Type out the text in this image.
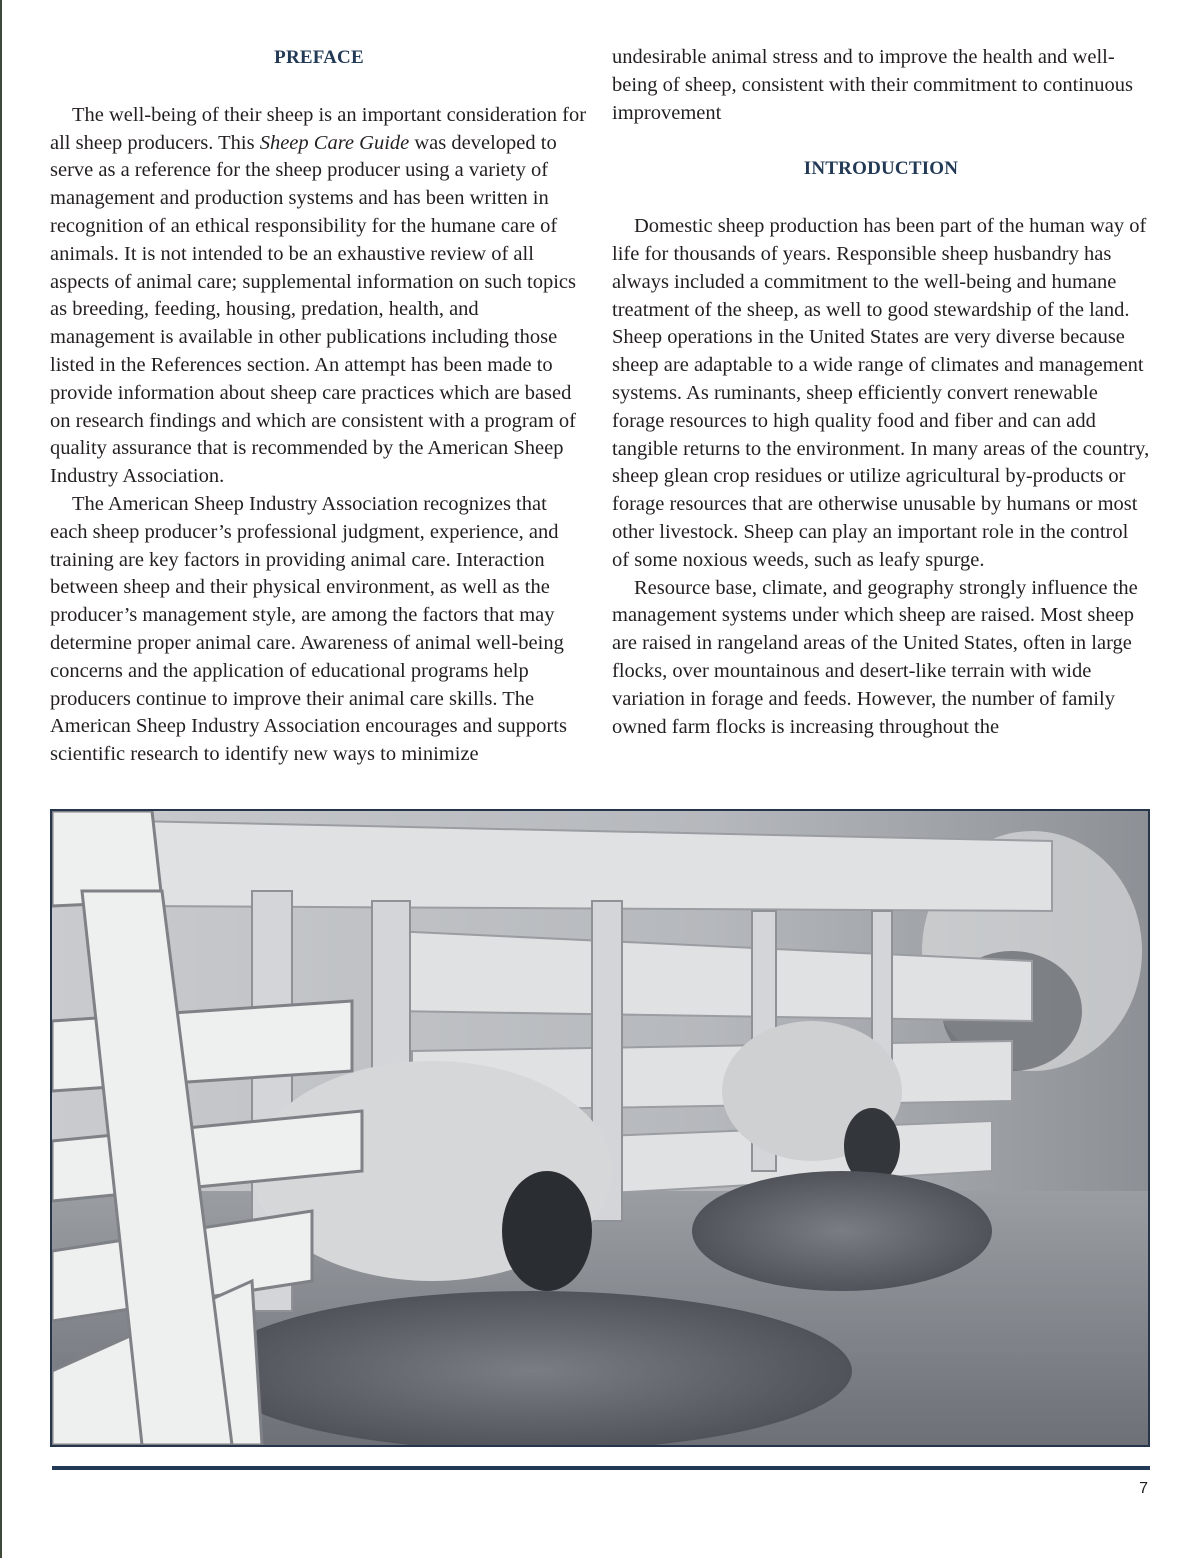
PREFACE

The well-being of their sheep is an important consideration for all sheep producers. This Sheep Care Guide was developed to serve as a reference for the sheep producer using a variety of management and production systems and has been written in recognition of an ethical responsibility for the humane care of animals. It is not intended to be an exhaustive review of all aspects of animal care; supplemental information on such topics as breeding, feeding, housing, predation, health, and management is available in other publications including those listed in the References section. An attempt has been made to provide information about sheep care practices which are based on research findings and which are consistent with a program of quality assurance that is recommended by the American Sheep Industry Association.

The American Sheep Industry Association recognizes that each sheep producer’s professional judgment, experience, and training are key factors in providing animal care. Interaction between sheep and their physical environment, as well as the producer’s management style, are among the factors that may determine proper animal care. Awareness of animal well-being concerns and the application of educational programs help producers continue to improve their animal care skills. The American Sheep Industry Association encourages and supports scientific research to identify new ways to minimize

undesirable animal stress and to improve the health and well-being of sheep, consistent with their commitment to continuous improvement

INTRODUCTION

Domestic sheep production has been part of the human way of life for thousands of years. Responsible sheep husbandry has always included a commitment to the well-being and humane treatment of the sheep, as well to good stewardship of the land. Sheep operations in the United States are very diverse because sheep are adaptable to a wide range of climates and management systems. As ruminants, sheep efficiently convert renewable forage resources to high quality food and fiber and can add tangible returns to the environment. In many areas of the country, sheep glean crop residues or utilize agricultural by-products or forage resources that are otherwise unusable by humans or most other livestock. Sheep can play an important role in the control of some noxious weeds, such as leafy spurge.

Resource base, climate, and geography strongly influence the management systems under which sheep are raised. Most sheep are raised in rangeland areas of the United States, often in large flocks, over mountainous and desert-like terrain with wide variation in forage and feeds. However, the number of family owned farm flocks is increasing throughout the

7
